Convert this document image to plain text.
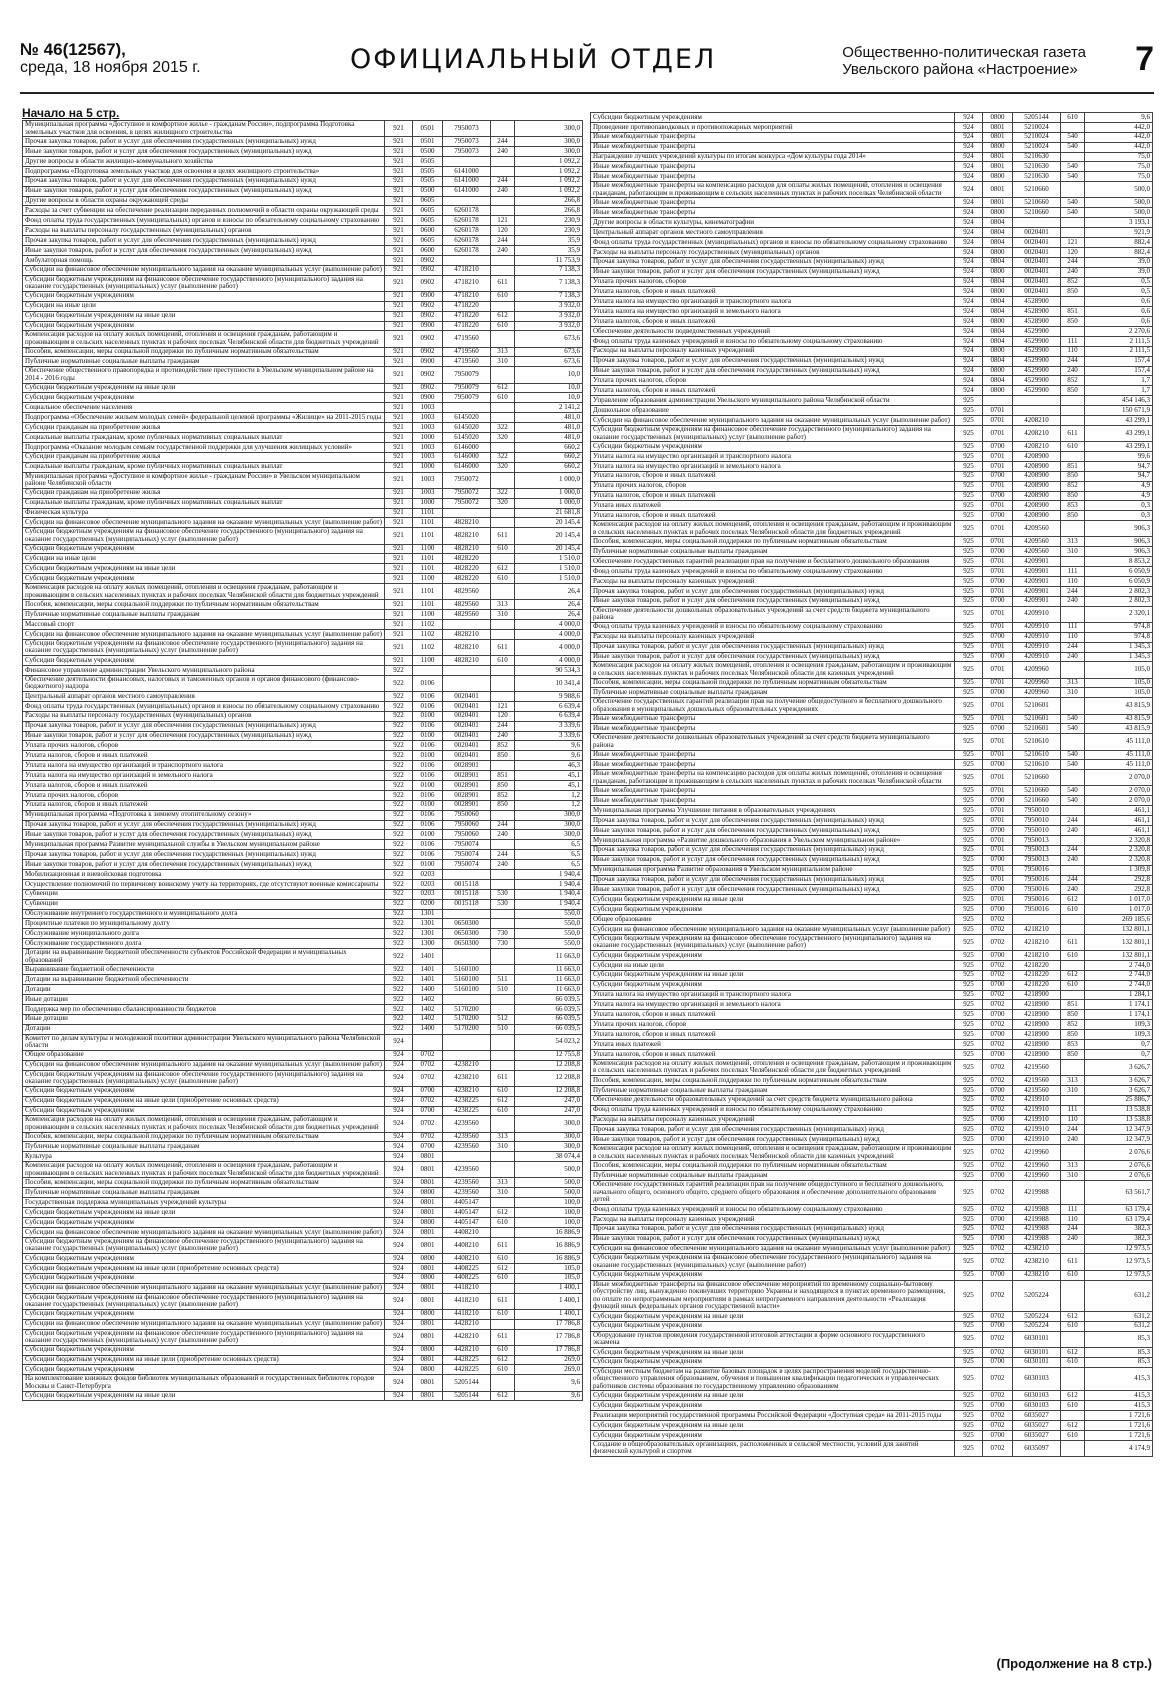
№ 46(12567),
среда, 18 ноября 2015 г.	ОФИЦИАЛЬНЫЙ ОТДЕЛ	Общественно-политическая газета
Увельского района «Настроение» 7
Начало на 5 стр.
Муниципальная программа «Доступное и комфортное жилье - гражданам России», подпрограмма Подготовка земельных участков для освоения, в целях жилищного строительства	921	0501	7950073		300,0
Прочая закупка товаров, работ и услуг для обеспечения государственных (муниципальных) нужд	921	0501	7950073	244	300,0
Иные закупки товаров, работ и услуг для обеспечения государственных (муниципальных) нужд	921	0500	7950073	240	300,0
Другие вопросы в области жилищно-коммунального хозяйства	921	0505			1 092,2
Подпрограмма «Подготовка земельных участков для освоения в целях жилищного строительства»	921	0505	6141000		1 092,2
Прочая закупка товаров, работ и услуг для обеспечения государственных (муниципальных) нужд	921	0505	6141000	244	1 092,2
Иные закупки товаров, работ и услуг для обеспечения государственных (муниципальных) нужд	921	0500	6141000	240	1 092,2
Другие вопросы в области охраны окружающей среды	921	0605			266,8
Расходы за счет субвенции на обеспечение реализации переданных полномочий в области охраны окружающей среды	921	0605	6260178		266,8
Фонд оплаты труда государственных (муниципальных) органов и взносы по обязательному социальному страхованию	921	0605	6260178	121	230,9
Расходы на выплаты персоналу государственных (муниципальных) органов	921	0600	6260178	120	230,9
Прочая закупка товаров, работ и услуг для обеспечения государственных (муниципальных) нужд	921	0605	6260178	244	35,9
Иные закупки товаров, работ и услуг для обеспечения государственных (муниципальных) нужд	921	0600	6260178	240	35,9
Амбулаторная помощь	921	0902			11 753,9
Субсидии на финансовое обеспечение муниципального задания на оказание муниципальных услуг (выполнение работ)	921	0902	4718210		7 138,3
Субсидии бюджетным учреждениям на финансовое обеспечение государственного (муниципального) задания на оказание государственных (муниципальных) услуг (выполнение работ)	921	0902	4718210	611	7 138,3
Субсидии бюджетным учреждениям	921	0900	4718210	610	7 138,3
Субсидии на иные цели	921	0902	4718220		3 932,0
Субсидии бюджетным учреждениям на иные цели	921	0902	4718220	612	3 932,0
Субсидии бюджетным учреждениям	921	0900	4718220	610	3 932,0
Компенсация расходов на оплату жилых помещений, отопления и освещения гражданам, работающим и проживающим в сельских населенных пунктах и рабочих поселках Челябинской области для бюджетных учреждений	921	0902	4719560		673,6
Пособия, компенсации, меры социальной поддержки по публичным нормативным обязательствам	921	0902	4719560	313	673,6
Публичные нормативные социальные выплаты гражданам	921	0900	4719560	310	673,6
Обеспечение общественного правопорядка и противодействие преступности в Увельском муниципальном районе на 2014 - 2016 годы	921	0902	7950079		10,0
Субсидии бюджетным учреждениям на иные цели	921	0902	7950079	612	10,0
Субсидии бюджетным учреждениям	921	0900	7950079	610	10,0
Социальное обеспечение населения	921	1003			2 141,2
Подпрограмма «Обеспечение жильем молодых семей» федеральной целевой программы «Жилище» на 2011-2015 годы	921	1003	6145020		481,0
Субсидии гражданам на приобретение жилья	921	1003	6145020	322	481,0
Социальные выплаты гражданам, кроме публичных нормативных социальных выплат	921	1000	6145020	320	481,0
Подпрограмма «Оказание молодым семьям государственной поддержки для улучшения жилищных условий»	921	1003	6146000		660,2
Субсидии гражданам на приобретение жилья	921	1003	6146000	322	660,2
Социальные выплаты гражданам, кроме публичных нормативных социальных выплат	921	1000	6146000	320	660,2
Муниципальная программа «Доступное и комфортное жилье - гражданам России» в Увельском муниципальном районе Челябинской области	921	1003	7950072		1 000,0
Субсидии гражданам на приобретение жилья	921	1003	7950072	322	1 000,0
Социальные выплаты гражданам, кроме публичных нормативных социальных выплат	921	1000	7950072	320	1 000,0
Физическая культура	921	1101			21 681,8
Субсидии на финансовое обеспечение муниципального задания на оказание муниципальных услуг (выполнение работ)	921	1101	4828210		20 145,4
Субсидии бюджетным учреждениям на финансовое обеспечение государственного (муниципального) задания на оказание государственных (муниципальных) услуг (выполнение работ)	921	1101	4828210	611	20 145,4
Субсидии бюджетным учреждениям	921	1100	4828210	610	20 145,4
Субсидии на иные цели	921	1101	4828220		1 510,0
Субсидии бюджетным учреждениям на иные цели	921	1101	4828220	612	1 510,0
Субсидии бюджетным учреждениям	921	1100	4828220	610	1 510,0
Компенсация расходов на оплату жилых помещений, отопления и освещения гражданам, работающим и проживающим в сельских населенных пунктах и рабочих поселках Челябинской области для бюджетных учреждений	921	1101	4829560		26,4
Пособия, компенсации, меры социальной поддержки по публичным нормативным обязательствам	921	1101	4829560	313	26,4
Публичные нормативные социальные выплаты гражданам	921	1100	4829560	310	26,4
Массовый спорт	921	1102			4 000,0
Субсидии на финансовое обеспечение муниципального задания на оказание муниципальных услуг (выполнение работ)	921	1102	4828210		4 000,0
Субсидии бюджетным учреждениям на финансовое обеспечение государственного (муниципального) задания на оказание государственных (муниципальных) услуг (выполнение работ)	921	1102	4828210	611	4 000,0
Субсидии бюджетным учреждениям	921	1100	4828210	610	4 000,0
Финансовое управление администрации Увельского муниципального района	922				90 534,3
Обеспечение деятельности финансовых, налоговых и таможенных органов и органов финансового (финансово-бюджетного) надзора	922	0106			10 341,4
Центральный аппарат органов местного самоуправления	922	0106	0020401		9 988,6
Фонд оплаты труда государственных (муниципальных) органов и взносы по обязательному социальному страхованию	922	0106	0020401	121	6 639,4
Расходы на выплаты персоналу государственных (муниципальных) органов	922	0100	0020401	120	6 639,4
Прочая закупка товаров, работ и услуг для обеспечения государственных (муниципальных) нужд	922	0106	0020401	244	3 339,6
Иные закупки товаров, работ и услуг для обеспечения государственных (муниципальных) нужд	922	0100	0020401	240	3 339,6
Уплата прочих налогов, сборов	922	0106	0020401	852	9,6
Уплата налогов, сборов и иных платежей	922	0100	0020401	850	9,6
Уплата налога на имущество организаций и транспортного налога	922	0106	0028901		46,3
Уплата налога на имущество организаций и земельного налога	922	0106	0028901	851	45,1
Уплата налогов, сборов и иных платежей	922	0100	0028901	850	45,1
Уплата прочих налогов, сборов	922	0106	0028901	852	1,2
Уплата налогов, сборов и иных платежей	922	0100	0028901	850	1,2
Муниципальная программа «Подготовка к зимнему отопительному сезону»	922	0106	7950060		300,0
Прочая закупка товаров, работ и услуг для обеспечения государственных (муниципальных) нужд	922	0106	7950060	244	300,0
Иные закупки товаров, работ и услуг для обеспечения государственных (муниципальных) нужд	922	0100	7950060	240	300,0
Муниципальная программа Развитие муниципальной службы в Увельском муниципальном районе	922	0106	7950074		6,5
Прочая закупка товаров, работ и услуг для обеспечения государственных (муниципальных) нужд	922	0106	7950074	244	6,5
Иные закупки товаров, работ и услуг для обеспечения государственных (муниципальных) нужд	922	0100	7950074	240	6,5
Мобилизационная и вневойсковая подготовка	922	0203			1 940,4
Осуществление полномочий по первичному воинскому учету на территориях, где отсутствуют военные комиссариаты	922	0203	0015118		1 940,4
Субвенции	922	0203	0015118	530	1 940,4
Субвенции	922	0200	0015118	530	1 940,4
Обслуживание внутреннего государственного и муниципального долга	922	1301			550,0
Процентные платежи по муниципальному долгу	922	1301	0650300		550,0
Обслуживание муниципального долга	922	1301	0650300	730	550,0
Обслуживание государственного долга	922	1300	0650300	730	550,0
Дотации на выравнивание бюджетной обеспеченности субъектов Российской Федерации и муниципальных образований	922	1401			11 663,0
Выравнивание бюджетной обеспеченности	922	1401	5160100		11 663,0
Дотации на выравнивание бюджетной обеспеченности	922	1401	5160100	511	11 663,0
Дотации	922	1400	5160100	510	11 663,0
Иные дотации	922	1402			66 039,5
Поддержка мер по обеспечению сбалансированности бюджетов	922	1402	5170200		66 039,5
Иные дотации	922	1402	5170200	512	66 039,5
Дотации	922	1400	5170200	510	66 039,5
Комитет по делам культуры и молодежной политики администрации Увельского муниципального района Челябинской области	924				54 023,2
Общее образование	924	0702			12 755,8
Субсидии на финансовое обеспечение муниципального задания на оказание муниципальных услуг (выполнение работ)	924	0702	4238210		12 208,8
Субсидии бюджетным учреждениям на финансовое обеспечение государственного (муниципального) задания на оказание государственных (муниципальных) услуг (выполнение работ)	924	0702	4238210	611	12 208,8
Субсидии бюджетным учреждениям	924	0700	4238210	610	12 208,8
Субсидии бюджетным учреждениям на иные цели (приобретение основных средств)	924	0702	4238225	612	247,0
Субсидии бюджетным учреждениям	924	0700	4238225	610	247,0
Компенсация расходов на оплату жилых помещений, отопления и освещения гражданам, работающим и проживающим в сельских населенных пунктах и рабочих поселках Челябинской области для бюджетных учреждений	924	0702	4239560		300,0
Пособия, компенсации, меры социальной поддержки по публичным нормативным обязательствам	924	0702	4239560	313	300,0
Публичные нормативные социальные выплаты гражданам	924	0700	4239560	310	300,0
Культура	924	0801			38 074,4
Компенсация расходов на оплату жилых помещений, отопления и освещения гражданам, работающим и проживающим в сельских населенных пунктах и рабочих поселках Челябинской области для бюджетных учреждений	924	0801	4239560		500,0
Пособия, компенсации, меры социальной поддержки по публичным нормативным обязательствам	924	0801	4239560	313	500,0
Публичные нормативные социальные выплаты гражданам	924	0800	4239560	310	500,0
Государственная поддержка муниципальных учреждений культуры	924	0801	4405147		100,0
Субсидии бюджетным учреждениям на иные цели	924	0801	4405147	612	100,0
Субсидии бюджетным учреждениям	924	0800	4405147	610	100,0
Субсидии на финансовое обеспечение муниципального задания на оказание муниципальных услуг (выполнение работ)	924	0801	4408210		16 886,9
Субсидии бюджетным учреждениям на финансовое обеспечение государственного (муниципального) задания на оказание государственных (муниципальных) услуг (выполнение работ)	924	0801	4408210	611	16 886,9
Субсидии бюджетным учреждениям	924	0800	4408210	610	16 886,9
Субсидии бюджетным учреждениям на иные цели (приобретение основных средств)	924	0801	4408225	612	105,0
Субсидии бюджетным учреждениям	924	0800	4408225	610	105,0
Субсидии на финансовое обеспечение муниципального задания на оказание муниципальных услуг (выполнение работ)	924	0801	4418210		1 400,1
Субсидии бюджетным учреждениям на финансовое обеспечение государственного (муниципального) задания на оказание государственных (муниципальных) услуг (выполнение работ)	924	0801	4418210	611	1 400,1
Субсидии бюджетным учреждениям	924	0800	4418210	610	1 400,1
Субсидии на финансовое обеспечение муниципального задания на оказание муниципальных услуг (выполнение работ)	924	0801	4428210		17 786,8
Субсидии бюджетным учреждениям на финансовое обеспечение государственного (муниципального) задания на оказание государственных (муниципальных) услуг (выполнение работ)	924	0801	4428210	611	17 786,8
Субсидии бюджетным учреждениям	924	0800	4428210	610	17 786,8
Субсидии бюджетным учреждениям на иные цели (приобретение основных средств)	924	0801	4428225	612	269,0
Субсидии бюджетным учреждениям	924	0800	4428225	610	269,0
На комплектование книжных фондов библиотек муниципальных образований и государственных библиотек городов Москвы и Санкт-Петербурга	924	0801	5205144		9,6
Субсидии бюджетным учреждениям на иные цели	924	0801	5205144	612	9,6
Субсидии бюджетным учреждениям	924	0800	5205144	610	9,6
Проведение противопаводковых и противопожарных мероприятий	924	0801	5210024		442,0
Иные межбюджетные трансферты	924	0801	5210024	540	442,0
Иные межбюджетные трансферты	924	0800	5210024	540	442,0
Награждение лучших учреждений культуры по итогам конкурса «Дом культуры года 2014»	924	0801	5210630		75,0
Иные межбюджетные трансферты	924	0801	5210630	540	75,0
Иные межбюджетные трансферты	924	0800	5210630	540	75,0
Иные межбюджетные трансферты на компенсацию расходов для оплаты жилых помещений, отопления и освещения гражданам, работающим и проживающим в сельских населенных пунктах и рабочих поселках Челябинской области	924	0801	5210660		500,0
Иные межбюджетные трансферты	924	0801	5210660	540	500,0
Иные межбюджетные трансферты	924	0800	5210660	540	500,0
Другие вопросы в области культуры, кинематографии	924	0804			3 193,1
Центральный аппарат органов местного самоуправления	924	0804	0020401		921,9
Фонд оплаты труда государственных (муниципальных) органов и взносы по обязательному социальному страхованию	924	0804	0020401	121	882,4
Расходы на выплаты персоналу государственных (муниципальных) органов	924	0800	0020401	120	882,4
Прочая закупка товаров, работ и услуг для обеспечения государственных (муниципальных) нужд	924	0804	0020401	244	39,0
Иные закупки товаров, работ и услуг для обеспечения государственных (муниципальных) нужд	924	0800	0020401	240	39,0
Уплата прочих налогов, сборов	924	0804	0020401	852	0,5
Уплата налогов, сборов и иных платежей	924	0800	0020401	850	0,5
Уплата налога на имущество организаций и транспортного налога	924	0804	4528900		0,6
Уплата налога на имущество организаций и земельного налога	924	0804	4528900	851	0,6
Уплата налогов, сборов и иных платежей	924	0800	4528900	850	0,6
Обеспечение деятельности подведомственных учреждений	924	0804	4529900		2 270,6
Фонд оплаты труда казенных учреждений и взносы по обязательному социальному страхованию	924	0804	4529900	111	2 111,5
Расходы на выплаты персоналу казенных учреждений	924	0800	4529900	110	2 111,5
Прочая закупка товаров, работ и услуг для обеспечения государственных (муниципальных) нужд	924	0804	4529900	244	157,4
Иные закупки товаров, работ и услуг для обеспечения государственных (муниципальных) нужд	924	0800	4529900	240	157,4
Уплата прочих налогов, сборов	924	0804	4529900	852	1,7
Уплата налогов, сборов и иных платежей	924	0800	4529900	850	1,7
Управление образования администрации Увельского муниципального района Челябинской области	925				454 146,3
Дошкольное образование	925	0701			150 671,9
Субсидии на финансовое обеспечение муниципального задания на оказание муниципальных услуг (выполнение работ)	925	0701	4208210		43 299,1
Субсидии бюджетным учреждениям на финансовое обеспечение государственного (муниципального) задания на оказание государственных (муниципальных) услуг (выполнение работ)	925	0701	4208210	611	43 299,1
Субсидии бюджетным учреждениям	925	0700	4208210	610	43 299,1
Уплата налога на имущество организаций и транспортного налога	925	0701	4208900		99,6
Уплата налога на имущество организаций и земельного налога	925	0701	4208900	851	94,7
Уплата налогов, сборов и иных платежей	925	0700	4208900	850	94,7
Уплата прочих налогов, сборов	925	0701	4208900	852	4,9
Уплата налогов, сборов и иных платежей	925	0700	4208900	850	4,9
Уплата иных платежей	925	0701	4208900	853	0,3
Уплата налогов, сборов и иных платежей	925	0700	4208900	850	0,3
Компенсация расходов на оплату жилых помещений, отопления и освещения гражданам, работающим и проживающим в сельских населенных пунктах и рабочих поселках Челябинской области для бюджетных учреждений	925	0701	4209560		906,3
Пособия, компенсации, меры социальной поддержки по публичным нормативным обязательствам	925	0701	4209560	313	906,3
Публичные нормативные социальные выплаты гражданам	925	0700	4209560	310	906,3
Обеспечение государственных гарантий реализации прав на получение и бесплатного дошкольного образования	925	0701	4209901		8 853,2
Фонд оплаты труда казенных учреждений и взносы по обязательному социальному страхованию	925	0701	4209901	111	6 050,9
Расходы на выплаты персоналу казенных учреждений	925	0700	4209901	110	6 050,9
Прочая закупка товаров, работ и услуг для обеспечения государственных (муниципальных) нужд	925	0701	4209901	244	2 802,3
Иные закупки товаров, работ и услуг для обеспечения государственных (муниципальных) нужд	925	0700	4209901	240	2 802,3
Обеспечение деятельности дошкольных образовательных учреждений за счет средств бюджета муниципального района	925	0701	4209910		2 320,1
Фонд оплаты труда казенных учреждений и взносы по обязательному социальному страхованию	925	0701	4209910	111	974,8
Расходы на выплаты персоналу казенных учреждений	925	0700	4209910	110	974,8
Прочая закупка товаров, работ и услуг для обеспечения государственных (муниципальных) нужд	925	0701	4209910	244	1 345,3
Иные закупки товаров, работ и услуг для обеспечения государственных (муниципальных) нужд	925	0700	4209910	240	1 345,3
Компенсация расходов на оплату жилых помещений, отопления и освещения гражданам, работающим и проживающим в сельских населенных пунктах и рабочих поселках Челябинской области для казенных учреждений	925	0701	4209960		105,0
Пособия, компенсации, меры социальной поддержки по публичным нормативным обязательствам	925	0701	4209960	313	105,0
Публичные нормативные социальные выплаты гражданам	925	0700	4209960	310	105,0
Обеспечение государственных гарантий реализации прав на получение общедоступного и бесплатного дошкольного образования в муниципальных дошкольных образовательных учреждениях	925	0701	5210601		43 815,9
Иные межбюджетные трансферты	925	0701	5210601	540	43 815,9
Иные межбюджетные трансферты	925	0700	5210601	540	43 815,9
Обеспечение деятельности дошкольных образовательных учреждений за счет средств бюджета муниципального района	925	0701	5210610		45 111,0
Иные межбюджетные трансферты	925	0701	5210610	540	45 111,0
Иные межбюджетные трансферты	925	0700	5210610	540	45 111,0
Иные межбюджетные трансферты на компенсацию расходов для оплаты жилых помещений, отопления и освещения гражданам, работающим и проживающим в сельских населенных пунктах и рабочих поселках Челябинской области	925	0701	5210660		2 070,0
Иные межбюджетные трансферты	925	0701	5210660	540	2 070,0
Иные межбюджетные трансферты	925	0700	5210660	540	2 070,0
Муниципальная программа Улучшение питания в образовательных учреждениях	925	0701	7950010		461,1
Прочая закупка товаров, работ и услуг для обеспечения государственных (муниципальных) нужд	925	0701	7950010	244	461,1
Иные закупки товаров, работ и услуг для обеспечения государственных (муниципальных) нужд	925	0700	7950010	240	461,1
Муниципальная программа «Развитие дошкольного образования в Увельском муниципальном районе»	925	0701	7950013		2 320,8
Прочая закупка товаров, работ и услуг для обеспечения государственных (муниципальных) нужд	925	0701	7950013	244	2 320,8
Иные закупки товаров, работ и услуг для обеспечения государственных (муниципальных) нужд	925	0700	7950013	240	2 320,8
Муниципальная программа Развитие образования в Увельском муниципальном районе	925	0701	7950016		1 309,8
Прочая закупка товаров, работ и услуг для обеспечения государственных (муниципальных) нужд	925	0701	7950016	244	292,8
Иные закупки товаров, работ и услуг для обеспечения государственных (муниципальных) нужд	925	0700	7950016	240	292,8
Субсидии бюджетным учреждениям на иные цели	925	0701	7950016	612	1 017,0
Субсидии бюджетным учреждениям	925	0700	7950016	610	1 017,0
Общее образование	925	0702			269 185,6
Субсидии на финансовое обеспечение муниципального задания на оказание муниципальных услуг (выполнение работ)	925	0702	4218210		132 801,1
Субсидии бюджетным учреждениям на финансовое обеспечение государственного (муниципального) задания на оказание государственных (муниципальных) услуг (выполнение работ)	925	0702	4218210	611	132 801,1
Субсидии бюджетным учреждениям	925	0700	4218210	610	132 801,1
Субсидии на иные цели	925	0702	4218220		2 744,0
Субсидии бюджетным учреждениям на иные цели	925	0702	4218220	612	2 744,0
Субсидии бюджетным учреждениям	925	0700	4218220	610	2 744,0
Уплата налога на имущество организаций и транспортного налога	925	0702	4218900		1 284,1
Уплата налога на имущество организаций и земельного налога	925	0702	4218900	851	1 174,1
Уплата налогов, сборов и иных платежей	925	0700	4218900	850	1 174,1
Уплата прочих налогов, сборов	925	0702	4218900	852	109,3
Уплата налогов, сборов и иных платежей	925	0700	4218900	850	109,3
Уплата иных платежей	925	0702	4218900	853	0,7
Уплата налогов, сборов и иных платежей	925	0700	4218900	850	0,7
Компенсация расходов на оплату жилых помещений, отопления и освещения гражданам, работающим и проживающим в сельских населенных пунктах и рабочих поселках Челябинской области для бюджетных учреждений	925	0702	4219560		3 626,7
Пособия, компенсации, меры социальной поддержки по публичным нормативным обязательствам	925	0702	4219560	313	3 626,7
Публичные нормативные социальные выплаты гражданам	925	0700	4219560	310	3 626,7
Обеспечение деятельности образовательных учреждений за счет средств бюджета муниципального района	925	0702	4219910		25 886,7
Фонд оплаты труда казенных учреждений и взносы по обязательному социальному страхованию	925	0702	4219910	111	13 538,8
Расходы на выплаты персоналу казенных учреждений	925	0700	4219910	110	13 538,8
Прочая закупка товаров, работ и услуг для обеспечения государственных (муниципальных) нужд	925	0702	4219910	244	12 347,9
Иные закупки товаров, работ и услуг для обеспечения государственных (муниципальных) нужд	925	0700	4219910	240	12 347,9
Компенсация расходов на оплату жилых помещений, отопления и освещения гражданам, работающим и проживающим в сельских населенных пунктах и рабочих поселках Челябинской области для казенных учреждений	925	0702	4219960		2 076,6
Пособия, компенсации, меры социальной поддержки по публичным нормативным обязательствам	925	0702	4219960	313	2 076,6
Публичные нормативные социальные выплаты гражданам	925	0700	4219960	310	2 076,6
Обеспечение государственных гарантий реализации прав на получение общедоступного и бесплатного дошкольного, начального общего, основного общего, среднего общего образования и обеспечение дополнительного образования детей	925	0702	4219988		63 561,7
Фонд оплаты труда казенных учреждений и взносы по обязательному социальному страхованию	925	0702	4219988	111	63 179,4
Расходы на выплаты персоналу казенных учреждений	925	0700	4219988	110	63 179,4
Прочая закупка товаров, работ и услуг для обеспечения государственных (муниципальных) нужд	925	0702	4219988	244	382,3
Иные закупки товаров, работ и услуг для обеспечения государственных (муниципальных) нужд	925	0700	4219988	240	382,3
Субсидии на финансовое обеспечение муниципального задания на оказание муниципальных услуг (выполнение работ)	925	0702	4238210		12 973,5
Субсидии бюджетным учреждениям на финансовое обеспечение государственного (муниципального) задания на оказание государственных (муниципальных) услуг (выполнение работ)	925	0702	4238210	611	12 973,5
Субсидии бюджетным учреждениям	925	0700	4238210	610	12 973,5
Иные межбюджетные трансферты на финансовое обеспечение мероприятий по временному социально-бытовому обустройству лиц, вынужденно покинувших территорию Украины и находящихся в пунктах временного размещения, по оплате по непрограммным мероприятиям в рамках непрограммного направления деятельности «Реализация функций иных федеральных органов государственной власти»	925	0702	5205224		631,2
Субсидии бюджетным учреждениям на иные цели	925	0702	5205224	612	631,2
Субсидии бюджетным учреждениям	925	0700	5205224	610	631,2
Оборудование пунктов проведения государственной итоговой аттестации в форме основного государственного экзамена	925	0702	6030101		85,3
Субсидии бюджетным учреждениям на иные цели	925	0702	6030101	612	85,3
Субсидии бюджетным учреждениям	925	0700	6030101	610	85,3
Субсидии местным бюджетам на развитие базовых площадок в целях распространения моделей государственно-общественного управления образованием, обучения и повышения квалификации педагогических и управленческих работников системы образования по государственному управлению образованием	925	0702	6030103		415,3
Субсидии бюджетным учреждениям на иные цели	925	0702	6030103	612	415,3
Субсидии бюджетным учреждениям	925	0700	6030103	610	415,3
Реализация мероприятий государственной программы Российской Федерации «Доступная среда» на 2011-2015 годы	925	0702	6035027		1 721,6
Субсидии бюджетным учреждениям на иные цели	925	0702	6035027	612	1 721,6
Субсидии бюджетным учреждениям	925	0700	6035027	610	1 721,6
Создание в общеобразовательных организациях, расположенных в сельской местности, условий для занятий физической культурой и спортом	925	0702	6035097		4 174,9
(Продолжение на 8 стр.)
